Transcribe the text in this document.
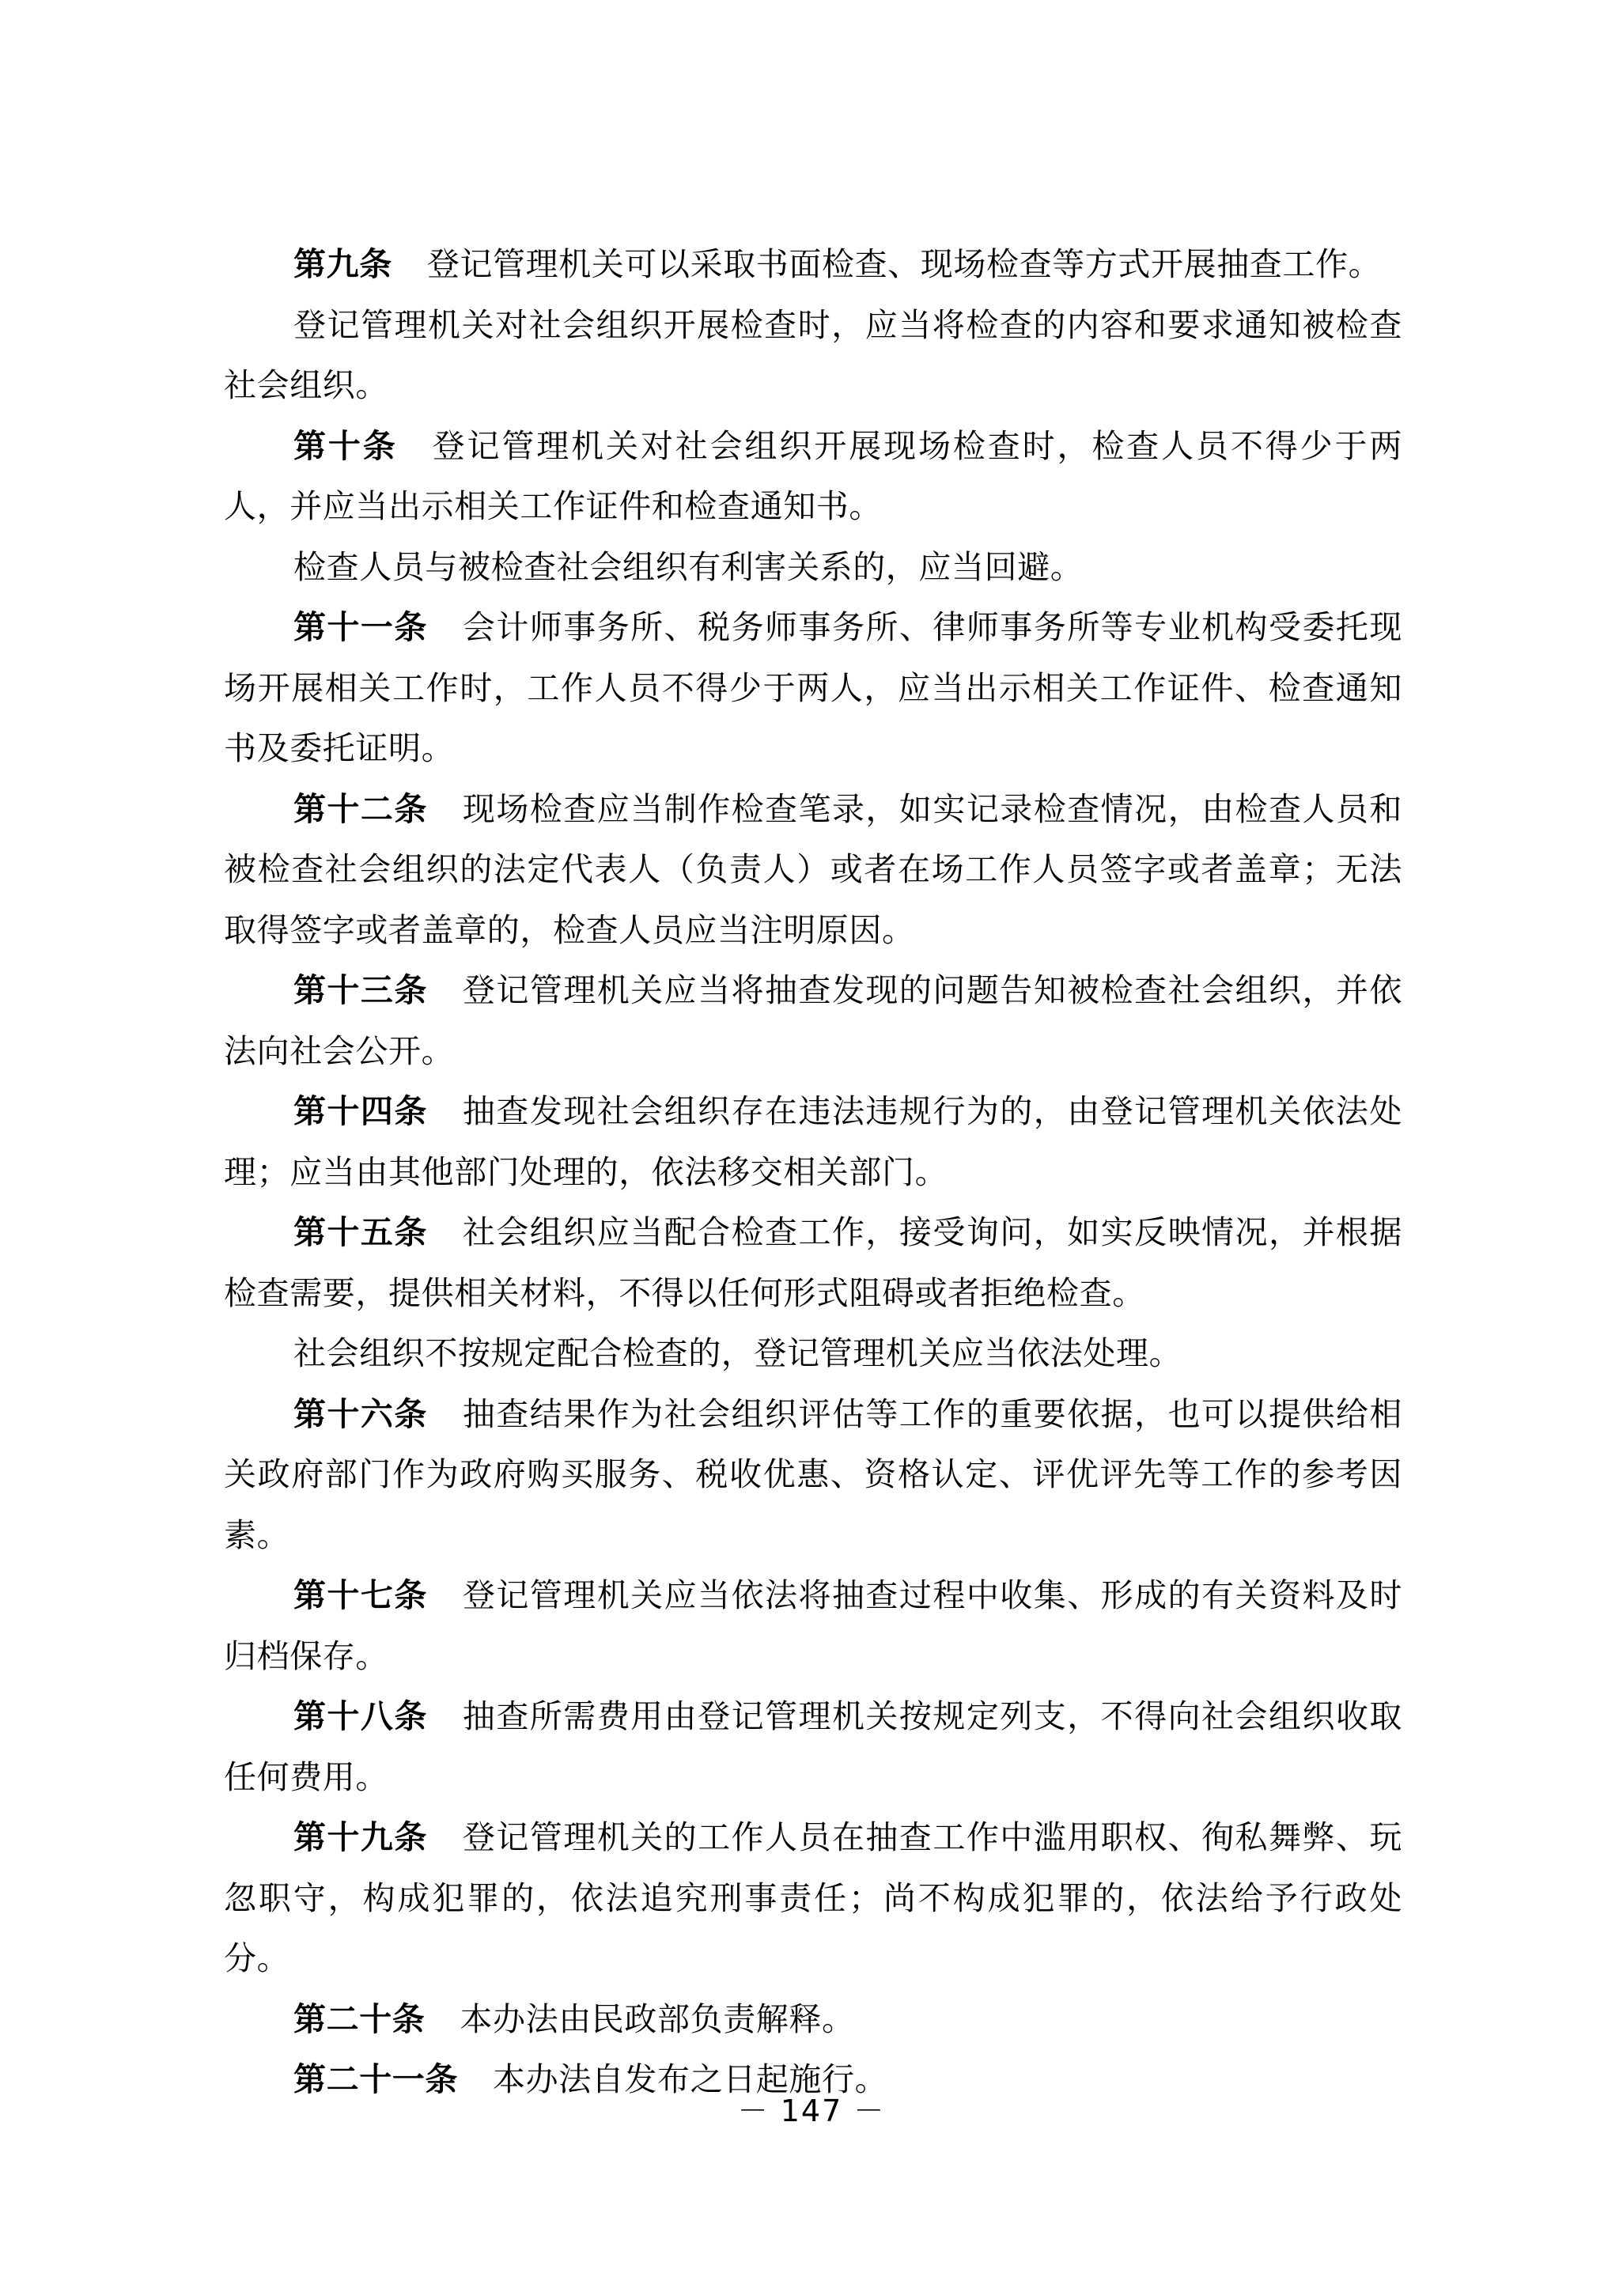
第九条 登记管理机关可以采取书面检查、现场检查等方式开展抽查工作。

登记管理机关对社会组织开展检查时，应当将检查的内容和要求通知被检查社会组织。

第十条 登记管理机关对社会组织开展现场检查时，检查人员不得少于两人，并应当出示相关工作证件和检查通知书。

检查人员与被检查社会组织有利害关系的，应当回避。

第十一条 会计师事务所、税务师事务所、律师事务所等专业机构受委托现场开展相关工作时，工作人员不得少于两人，应当出示相关工作证件、检查通知书及委托证明。

第十二条 现场检查应当制作检查笔录，如实记录检查情况，由检查人员和被检查社会组织的法定代表人（负责人）或者在场工作人员签字或者盖章；无法取得签字或者盖章的，检查人员应当注明原因。

第十三条 登记管理机关应当将抽查发现的问题告知被检查社会组织，并依法向社会公开。

第十四条 抽查发现社会组织存在违法违规行为的，由登记管理机关依法处理；应当由其他部门处理的，依法移交相关部门。

第十五条 社会组织应当配合检查工作，接受询问，如实反映情况，并根据检查需要，提供相关材料，不得以任何形式阻碍或者拒绝检查。

社会组织不按规定配合检查的，登记管理机关应当依法处理。

第十六条 抽查结果作为社会组织评估等工作的重要依据，也可以提供给相关政府部门作为政府购买服务、税收优惠、资格认定、评优评先等工作的参考因素。

第十七条 登记管理机关应当依法将抽查过程中收集、形成的有关资料及时归档保存。

第十八条 抽查所需费用由登记管理机关按规定列支，不得向社会组织收取任何费用。

第十九条 登记管理机关的工作人员在抽查工作中滥用职权、徇私舞弊、玩忽职守，构成犯罪的，依法追究刑事责任；尚不构成犯罪的，依法给予行政处分。

第二十条 本办法由民政部负责解释。

第二十一条 本办法自发布之日起施行。

－ 147 －
